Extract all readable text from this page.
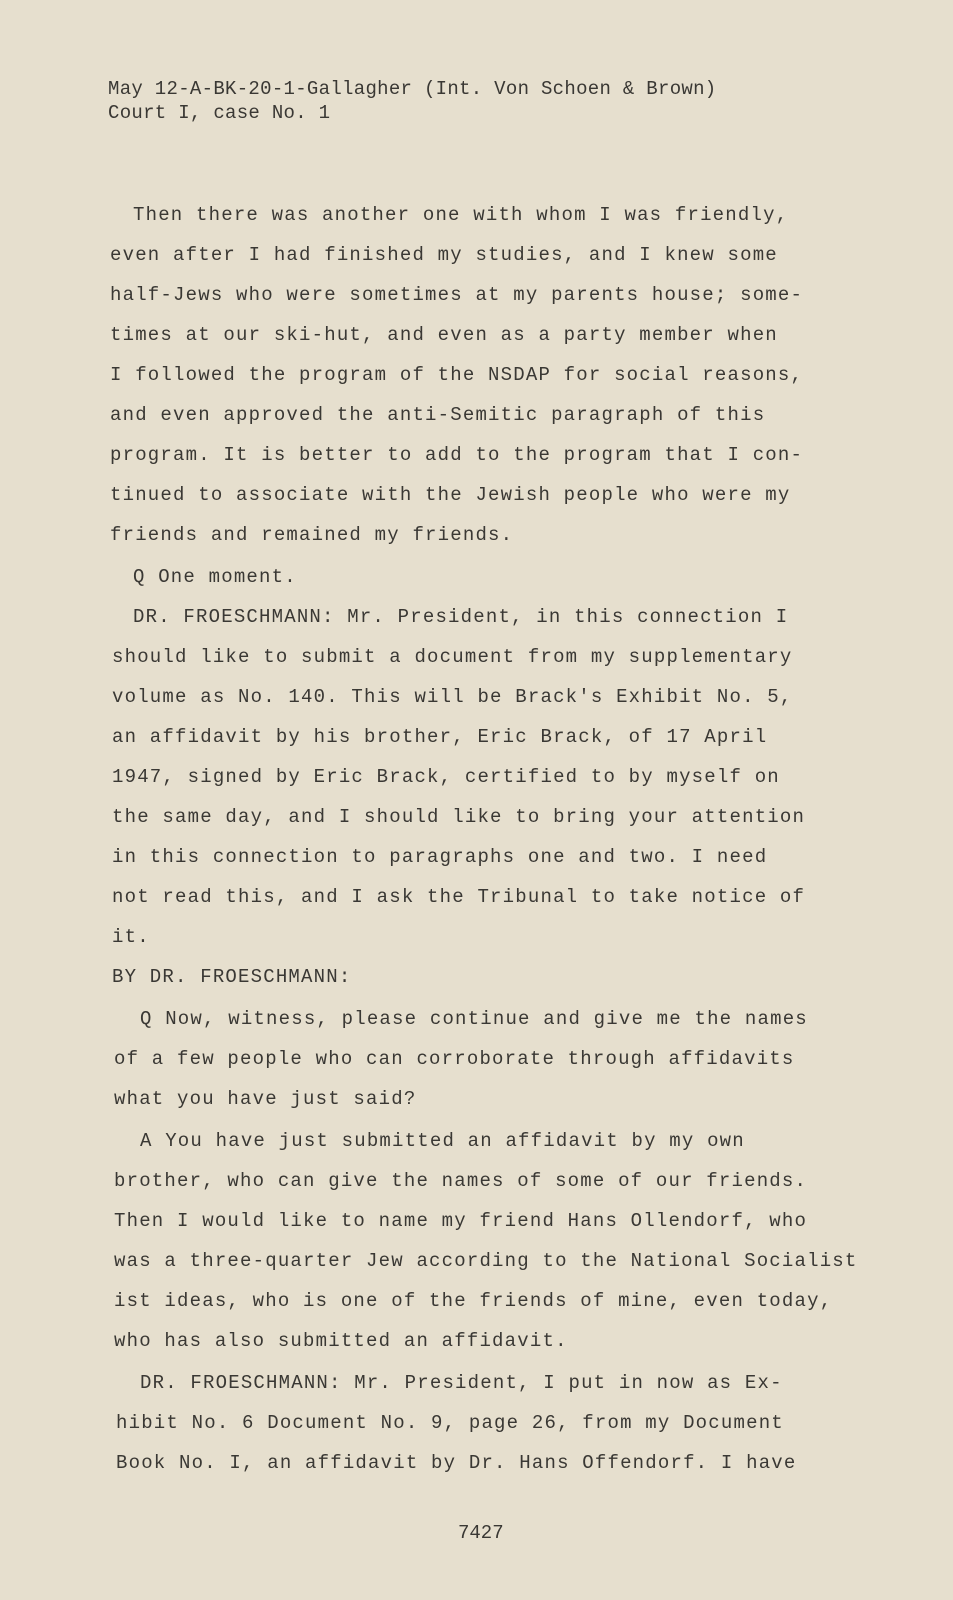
May 12-A-BK-20-1-Gallagher (Int. Von Schoen & Brown)
Court I, case No. 1
Then there was another one with whom I was friendly,
even after I had finished my studies, and I knew some
half-Jews who were sometimes at my parents house; some-
times at our ski-hut, and even as a party member when
I followed the program of the NSDAP for social reasons,
and even approved the anti-Semitic paragraph of this
program. It is better to add to the program that I con-
tinued to associate with the Jewish people who were my
friends and remained my friends.
Q One moment.
DR. FROESCHMANN: Mr. President, in this connection I
should like to submit a document from my supplementary
volume as No. 140. This will be Brack's Exhibit No. 5,
an affidavit by his brother, Eric Brack, of 17 April
1947, signed by Eric Brack, certified to by myself on
the same day, and I should like to bring your attention
in this connection to paragraphs one and two. I need
not read this, and I ask the Tribunal to take notice of
it.
BY DR. FROESCHMANN:
Q Now, witness, please continue and give me the names
of a few people who can corroborate through affidavits
what you have just said?
A You have just submitted an affidavit by my own
brother, who can give the names of some of our friends.
Then I would like to name my friend Hans Ollendorf, who
was a three-quarter Jew according to the National Socialist
ist ideas, who is one of the friends of mine, even today,
who has also submitted an affidavit.
DR. FROESCHMANN: Mr. President, I put in now as Ex-
hibit No. 6 Document No. 9, page 26, from my Document
Book No. I, an affidavit by Dr. Hans Offendorf. I have
7427
